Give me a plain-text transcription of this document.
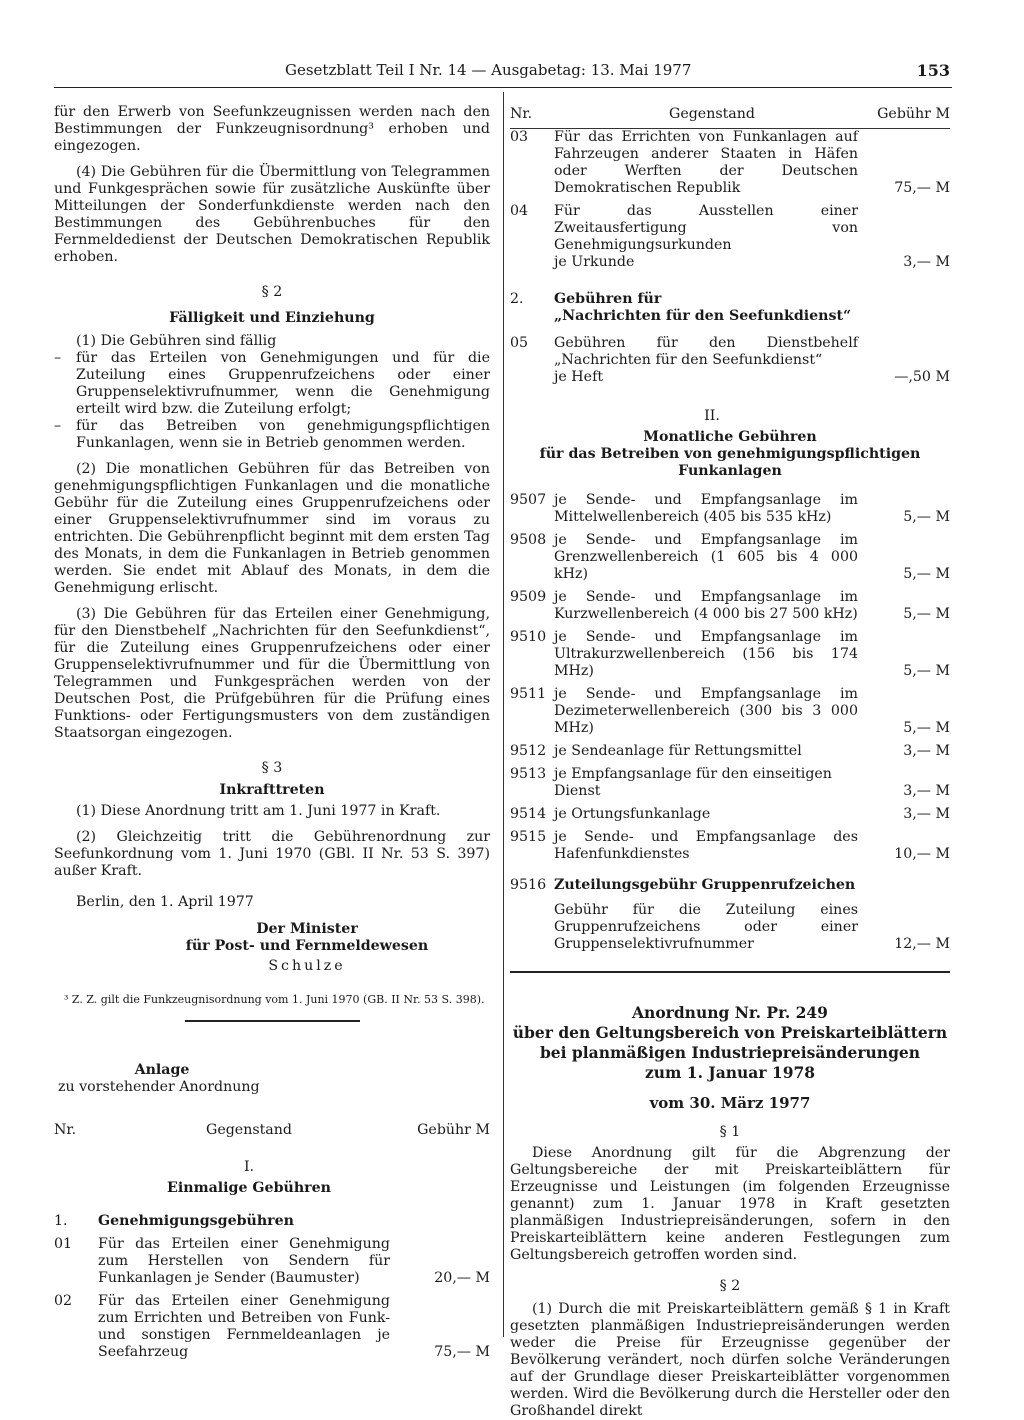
Gesetzblatt Teil I Nr. 14 — Ausgabetag: 13. Mai 1977	153

für den Erwerb von Seefunkzeugnissen werden nach den Bestimmungen der Funkzeugnisordnung³ erhoben und eingezogen.

(4) Die Gebühren für die Übermittlung von Telegrammen und Funkgesprächen sowie für zusätzliche Auskünfte über Mitteilungen der Sonderfunkdienste werden nach den Bestimmungen des Gebührenbuches für den Fernmeldedienst der Deutschen Demokratischen Republik erhoben.

§ 2

Fälligkeit und Einziehung

(1) Die Gebühren sind fällig

–	für das Erteilen von Genehmigungen und für die Zuteilung eines Gruppenrufzeichens oder einer Gruppenselektivrufnummer, wenn die Genehmigung erteilt wird bzw. die Zuteilung erfolgt;
–	für das Betreiben von genehmigungspflichtigen Funkanlagen, wenn sie in Betrieb genommen werden.

(2) Die monatlichen Gebühren für das Betreiben von genehmigungspflichtigen Funkanlagen und die monatliche Gebühr für die Zuteilung eines Gruppenrufzeichens oder einer Gruppenselektivrufnummer sind im voraus zu entrichten. Die Gebührenpflicht beginnt mit dem ersten Tag des Monats, in dem die Funkanlagen in Betrieb genommen werden. Sie endet mit Ablauf des Monats, in dem die Genehmigung erlischt.

(3) Die Gebühren für das Erteilen einer Genehmigung, für den Dienstbehelf „Nachrichten für den Seefunkdienst“, für die Zuteilung eines Gruppenrufzeichens oder einer Gruppenselektivrufnummer und für die Übermittlung von Telegrammen und Funkgesprächen werden von der Deutschen Post, die Prüfgebühren für die Prüfung eines Funktions- oder Fertigungsmusters von dem zuständigen Staatsorgan eingezogen.

§ 3

Inkrafttreten

(1) Diese Anordnung tritt am 1. Juni 1977 in Kraft.

(2) Gleichzeitig tritt die Gebührenordnung zur Seefunkordnung vom 1. Juni 1970 (GBl. II Nr. 53 S. 397) außer Kraft.

Berlin, den 1. April 1977

Der Minister

für Post- und Fernmeldewesen

Schulze

³ Z. Z. gilt die Funkzeugnisordnung vom 1. Juni 1970 (GB. II Nr. 53 S. 398).

Anlage

zu vorstehender Anordnung

Nr.	Gegenstand	Gebühr M

	I.	
	Einmalige Gebühren	
1.	Genehmigungsgebühren	

01	Für das Erteilen einer Genehmigung zum Herstellen von Sendern für Funkanlagen je Sender (Baumuster)	20,— M

02	Für das Erteilen einer Genehmigung zum Errichten und Betreiben von Funk- und sonstigen Fernmeldeanlagen je Seefahrzeug	75,— M
Nr.	Gegenstand	Gebühr M

03	Für das Errichten von Funkanlagen auf Fahrzeugen anderer Staaten in Häfen oder Werften der Deutschen Demokratischen Republik	75,— M

04	Für das Ausstellen einer Zweitausfertigung von Genehmigungsurkunden
je Urkunde	3,— M
2.	Gebühren für
„Nachrichten für den Seefunkdienst“	

05	Gebühren für den Dienstbehelf „Nachrichten für den Seefunkdienst“
je Heft	—,50 M
	II.	

Monatliche Gebühren
für das Betreiben von genehmigungspflichtigen
Funkanlagen		

9507	je Sende- und Empfangsanlage im Mittelwellenbereich (405 bis 535 kHz)	5,— M

9508	je Sende- und Empfangsanlage im Grenzwellenbereich (1 605 bis 4 000 kHz)	5,— M

9509	je Sende- und Empfangsanlage im Kurzwellenbereich (4 000 bis 27 500 kHz)	5,— M

9510	je Sende- und Empfangsanlage im Ultrakurzwellenbereich (156 bis 174 MHz)	5,— M

9511	je Sende- und Empfangsanlage im Dezimeterwellenbereich (300 bis 3 000 MHz)	5,— M

9512	je Sendeanlage für Rettungsmittel	3,— M

9513	je Empfangsanlage für den einseitigen Dienst	3,— M

9514	je Ortungsfunkanlage	3,— M

9515	je Sende- und Empfangsanlage des Hafenfunkdienstes	10,— M

9516	Zuteilungsgebühr Gruppenrufzeichen	

	Gebühr für die Zuteilung eines Gruppenrufzeichens oder einer Gruppenselektivrufnummer	12,— M

Anordnung Nr. Pr. 249

über den Geltungsbereich von Preiskarteiblättern

bei planmäßigen Industriepreisänderungen

zum 1. Januar 1978

vom 30. März 1977

§ 1

Diese Anordnung gilt für die Abgrenzung der Geltungsbereiche der mit Preiskarteiblättern für Erzeugnisse und Leistungen (im folgenden Erzeugnisse genannt) zum 1. Januar 1978 in Kraft gesetzten planmäßigen Industriepreisänderungen, sofern in den Preiskarteiblättern keine anderen Festlegungen zum Geltungsbereich getroffen worden sind.

§ 2

(1) Durch die mit Preiskarteiblättern gemäß § 1 in Kraft gesetzten planmäßigen Industriepreisänderungen werden weder die Preise für Erzeugnisse gegenüber der Bevölkerung verändert, noch dürfen solche Veränderungen auf der Grundlage dieser Preiskarteiblätter vorgenommen werden. Wird die Bevölkerung durch die Hersteller oder den Großhandel direkt
